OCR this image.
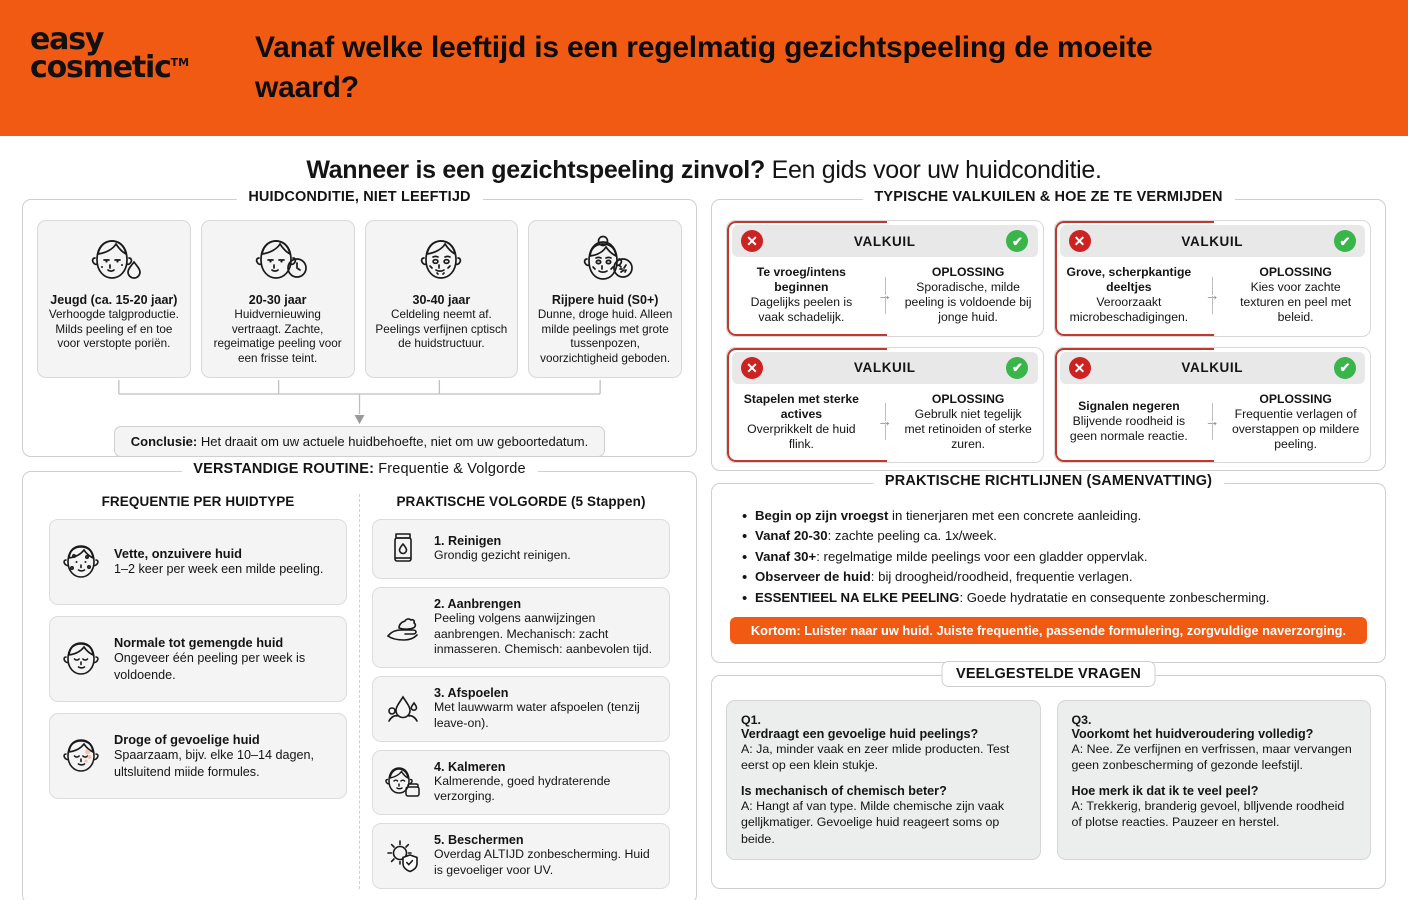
easy
cosmetic™	Vanaf welke leeftijd is een regelmatig gezichtspeeling de moeite waard?
Wanneer is een gezichtspeeling zinvol? Een gids voor uw huidconditie.
HUIDCONDITIE, NIET LEEFTIJD
Jeugd (ca. 15-20 jaar)
Verhoogde talgproductie. Milds peeling ef en toe voor verstopte poriën.
20-30 jaar
Huidvernieuwing vertraagt. Zachte, regeimatige peeling voor een frisse teint.
30-40 jaar
Celdeling neemt af. Peelings verfijnen cptisch de huidstructuur.
Rijpere huid (S0+)
Dunne, droge huid. Alleen milde peelings met grote tussenpozen, voorzichtigheid geboden.
Conclusie: Het draait om uw actuele huidbehoefte, niet om uw geboortedatum.
VERSTANDIGE ROUTINE: Frequentie & Volgorde
FREQUENTIE PER HUIDTYPE
Vette, onzuivere huid
1–2 keer per week een milde peeling.
Normale tot gemengde huid
Ongeveer één peeling per week is voldoende.
Droge of gevoelige huid
Spaarzaam, bijv. elke 10–14 dagen, ultsluitend miide formules.
PRAKTISCHE VOLGORDE (5 Stappen)
1. Reinigen
Grondig gezicht reinigen.
2. Aanbrengen
Peeling volgens aanwijzingen aanbrengen. Mechanisch: zacht inmasseren. Chemisch: aanbevolen tijd.
3. Afspoelen
Met lauwwarm water afspoelen (tenzij leave-on).
4. Kalmeren
Kalmerende, goed hydraterende verzorging.
5. Beschermen
Overdag ALTIJD zonbescherming. Huid is gevoeliger voor UV.
TYPISCHE VALKUILEN & HOE ZE TE VERMIJDEN
✕	VALKUIL	✔
Te vroeg/intens beginnen
Dagelijks peelen is vaak schadelijk.
→
OPLOSSING
Sporadische, milde peeling is voldoende bij jonge huid.
✕	VALKUIL	✔
Grove, scherpkantige deeltjes
Veroorzaakt microbeschadigingen.
→
OPLOSSING
Kies voor zachte texturen en peel met beleid.
✕	VALKUIL	✔
Stapelen met sterke actives
Overprikkelt de huid flink.
→
OPLOSSING
Gebrulk niet tegelijk met retinoiden of sterke zuren.
✕	VALKUIL	✔
Signalen negeren
Blijvende roodheid is geen normale reactie.
→
OPLOSSING
Frequentie verlagen of overstappen op mildere peeling.
PRAKTISCHE RICHTLIJNEN (SAMENVATTING)
• Begin op zijn vroegst in tienerjaren met een concrete aanleiding.
• Vanaf 20-30: zachte peeling ca. 1x/week.
• Vanaf 30+: regelmatige milde peelings voor een gladder oppervlak.
• Observeer de huid: bij droogheid/roodheid, frequentie verlagen.
• ESSENTIEEL NA ELKE PEELING: Goede hydratatie en consequente zonbescherming.
Kortom: Luister naar uw huid. Juiste frequentie, passende formulering, zorgvuldige naverzorging.
VEELGESTELDE VRAGEN
Q1.
Verdraagt een gevoelige huid peelings?
A: Ja, minder vaak en zeer mlide producten. Test eerst op een klein stukje.
Is mechanisch of chemisch beter?
A: Hangt af van type. Milde chemische zijn vaak gelljkmatiger. Gevoelige huid reageert soms op beide.
Q3.
Voorkomt het huidveroudering volledig?
A: Nee. Ze verfijnen en verfrissen, maar vervangen geen zonbescherming of gezonde leefstijl.
Hoe merk ik dat ik te veel peel?
A: Trekkerig, branderig gevoel, blljvende roodheid of plotse reacties. Pauzeer en herstel.
